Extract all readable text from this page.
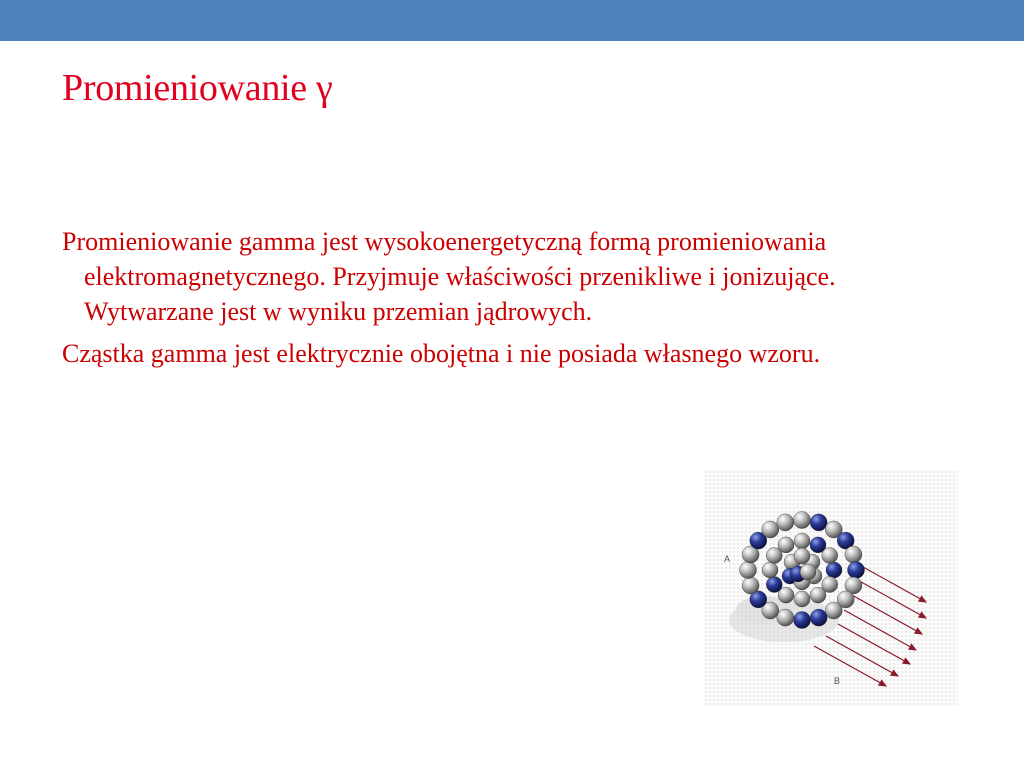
Promieniowanie γ

Promieniowanie gamma jest wysokoenergetyczną formą promieniowania elektromagnetycznego. Przyjmuje właściwości przenikliwe i jonizujące. Wytwarzane jest w wyniku przemian jądrowych.

Cząstka gamma jest elektrycznie obojętna i nie posiada własnego wzoru.

A
B
